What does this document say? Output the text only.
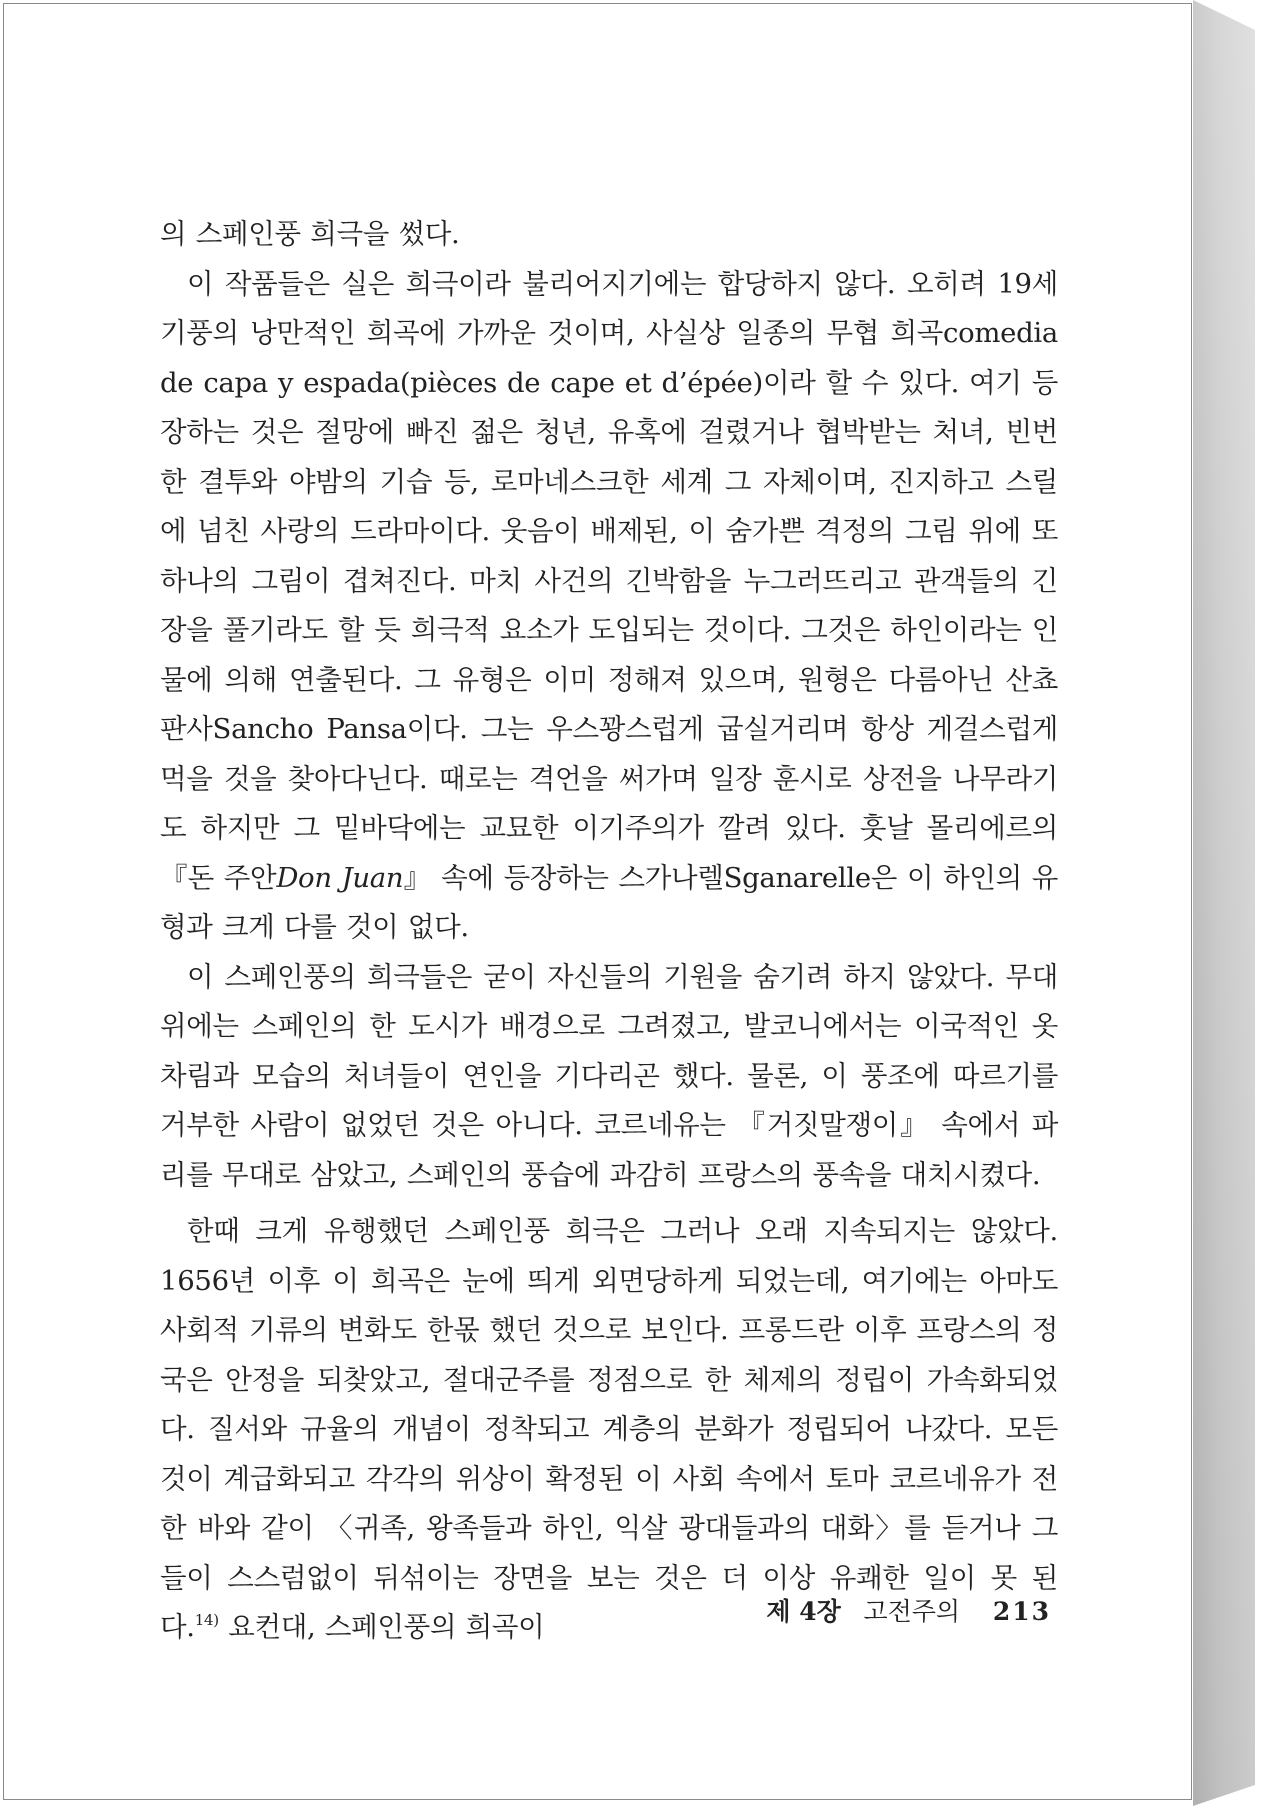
의 스페인풍 희극을 썼다.

이 작품들은 실은 희극이라 불리어지기에는 합당하지 않다. 오히려 19세기풍의 낭만적인 희곡에 가까운 것이며, 사실상 일종의 무협 희곡comedia de capa y espada(pièces de cape et d’épée)이라 할 수 있다. 여기 등장하는 것은 절망에 빠진 젊은 청년, 유혹에 걸렸거나 협박받는 처녀, 빈번한 결투와 야밤의 기습 등, 로마네스크한 세계 그 자체이며, 진지하고 스릴에 넘친 사랑의 드라마이다. 웃음이 배제된, 이 숨가쁜 격정의 그림 위에 또 하나의 그림이 겹쳐진다. 마치 사건의 긴박함을 누그러뜨리고 관객들의 긴장을 풀기라도 할 듯 희극적 요소가 도입되는 것이다. 그것은 하인이라는 인물에 의해 연출된다. 그 유형은 이미 정해져 있으며, 원형은 다름아닌 산쵸 판사Sancho Pansa이다. 그는 우스꽝스럽게 굽실거리며 항상 게걸스럽게 먹을 것을 찾아다닌다. 때로는 격언을 써가며 일장 훈시로 상전을 나무라기도 하지만 그 밑바닥에는 교묘한 이기주의가 깔려 있다. 훗날 몰리에르의 『돈 주안Don Juan』 속에 등장하는 스가나렐Sganarelle은 이 하인의 유형과 크게 다를 것이 없다.

이 스페인풍의 희극들은 굳이 자신들의 기원을 숨기려 하지 않았다. 무대 위에는 스페인의 한 도시가 배경으로 그려졌고, 발코니에서는 이국적인 옷차림과 모습의 처녀들이 연인을 기다리곤 했다. 물론, 이 풍조에 따르기를 거부한 사람이 없었던 것은 아니다. 코르네유는 『거짓말쟁이』 속에서 파리를 무대로 삼았고, 스페인의 풍습에 과감히 프랑스의 풍속을 대치시켰다.

한때 크게 유행했던 스페인풍 희극은 그러나 오래 지속되지는 않았다. 1656년 이후 이 희곡은 눈에 띄게 외면당하게 되었는데, 여기에는 아마도 사회적 기류의 변화도 한몫 했던 것으로 보인다. 프롱드란 이후 프랑스의 정국은 안정을 되찾았고, 절대군주를 정점으로 한 체제의 정립이 가속화되었다. 질서와 규율의 개념이 정착되고 계층의 분화가 정립되어 나갔다. 모든 것이 계급화되고 각각의 위상이 확정된 이 사회 속에서 토마 코르네유가 전한 바와 같이 〈귀족, 왕족들과 하인, 익살 광대들과의 대화〉를 듣거나 그들이 스스럼없이 뒤섞이는 장면을 보는 것은 더 이상 유쾌한 일이 못 된다.$^{14)}$ 요컨대, 스페인풍의 희곡이	제 4장 고전주의 213
